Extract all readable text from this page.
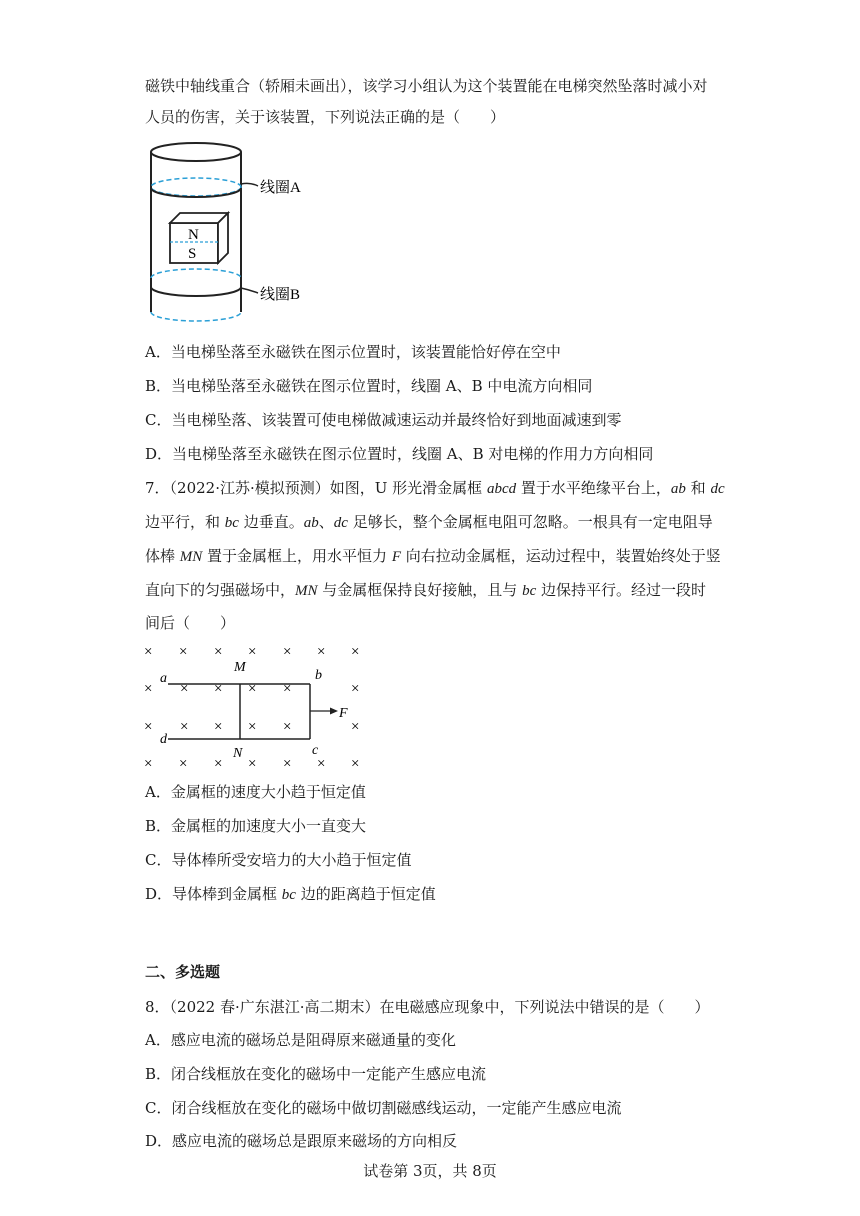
磁铁中轴线重合（轿厢未画出），该学习小组认为这个装置能在电梯突然坠落时减小对
人员的伤害，关于该装置，下列说法正确的是（　　）
N
S
线圈A
线圈B
A．当电梯坠落至永磁铁在图示位置时，该装置能恰好停在空中
B．当电梯坠落至永磁铁在图示位置时，线圈 A、B 中电流方向相同
C．当电梯坠落、该装置可使电梯做减速运动并最终恰好到地面减速到零
D．当电梯坠落至永磁铁在图示位置时，线圈 A、B 对电梯的作用力方向相同
7．（2022·江苏·模拟预测）如图，U 形光滑金属框 abcd 置于水平绝缘平台上，ab 和 dc
边平行，和 bc 边垂直。ab、dc 足够长，整个金属框电阻可忽略。一根具有一定电阻导
体棒 MN 置于金属框上，用水平恒力 F 向右拉动金属框，运动过程中，装置始终处于竖
直向下的匀强磁场中，MN 与金属框保持良好接触，且与 bc 边保持平行。经过一段时
间后（　　）
×
×
×
×
×
×
×
×
×
×
×
×
×
×
×
×
×
×
×
×
×
×
×
×
×
×
a	b
c
d
M
N
F
A．金属框的速度大小趋于恒定值
B．金属框的加速度大小一直变大
C．导体棒所受安培力的大小趋于恒定值
D．导体棒到金属框 bc 边的距离趋于恒定值
二、多选题
8．（2022 春·广东湛江·高二期末）在电磁感应现象中，下列说法中错误的是（　　）
A．感应电流的磁场总是阻碍原来磁通量的变化
B．闭合线框放在变化的磁场中一定能产生感应电流
C．闭合线框放在变化的磁场中做切割磁感线运动，一定能产生感应电流
D．感应电流的磁场总是跟原来磁场的方向相反
试卷第 3页，共 8页
